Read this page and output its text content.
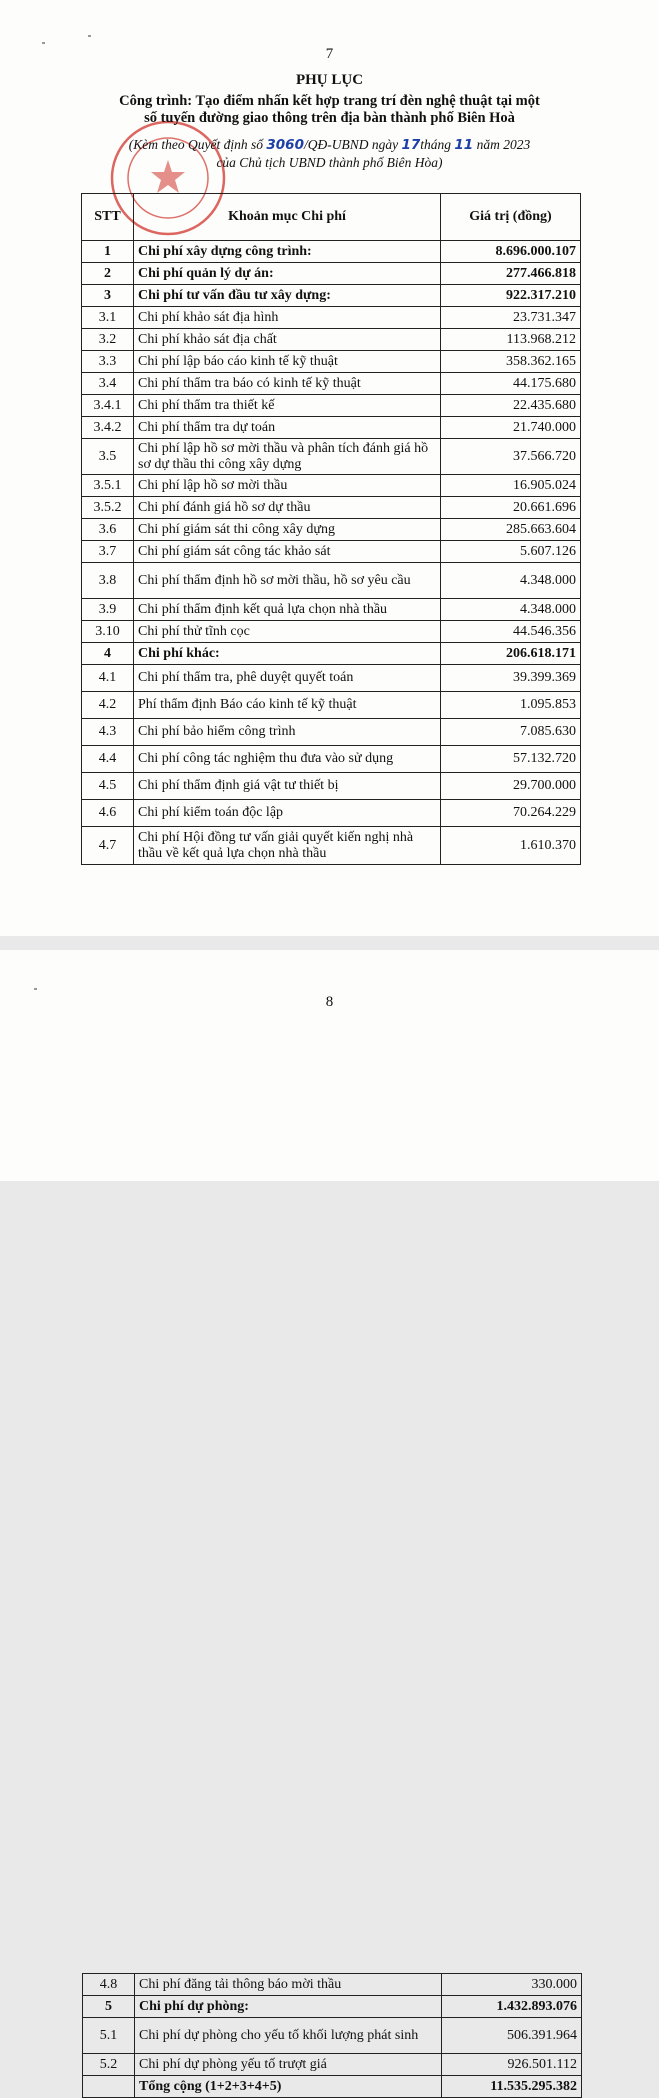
7
PHỤ LỤC
Công trình: Tạo điểm nhấn kết hợp trang trí đèn nghệ thuật tại một
số tuyến đường giao thông trên địa bàn thành phố Biên Hoà
(Kèm theo Quyết định số 3060/QĐ-UBND ngày 17tháng 11 năm 2023
của Chủ tịch UBND thành phố Biên Hòa)
STT	Khoản mục Chi phí	Giá trị (đồng)
1	Chi phí xây dựng công trình:	8.696.000.107
2	Chi phí quản lý dự án:	277.466.818
3	Chi phí tư vấn đầu tư xây dựng:	922.317.210
3.1	Chi phí khảo sát địa hình	23.731.347
3.2	Chi phí khảo sát địa chất	113.968.212
3.3	Chi phí lập báo cáo kinh tế kỹ thuật	358.362.165
3.4	Chi phí thẩm tra báo có kinh tế kỹ thuật	44.175.680
3.4.1	Chi phí thẩm tra thiết kế	22.435.680
3.4.2	Chi phí thẩm tra dự toán	21.740.000
3.5	Chi phí lập hồ sơ mời thầu và phân tích đánh giá hồ sơ dự thầu thi công xây dựng	37.566.720
3.5.1	Chi phí lập hồ sơ mời thầu	16.905.024
3.5.2	Chi phí đánh giá hồ sơ dự thầu	20.661.696
3.6	Chi phí giám sát thi công xây dựng	285.663.604
3.7	Chi phí giám sát công tác khảo sát	5.607.126
3.8	Chi phí thẩm định hồ sơ mời thầu, hồ sơ yêu cầu	4.348.000
3.9	Chi phí thẩm định kết quả lựa chọn nhà thầu	4.348.000
3.10	Chi phí thử tĩnh cọc	44.546.356
4	Chi phí khác:	206.618.171
4.1	Chi phí thẩm tra, phê duyệt quyết toán	39.399.369
4.2	Phí thẩm định Báo cáo kinh tế kỹ thuật	1.095.853
4.3	Chi phí bảo hiểm công trình	7.085.630
4.4	Chi phí công tác nghiệm thu đưa vào sử dụng	57.132.720
4.5	Chi phí thẩm định giá vật tư thiết bị	29.700.000
4.6	Chi phí kiểm toán độc lập	70.264.229
4.7	Chi phí Hội đồng tư vấn giải quyết kiến nghị nhà thầu về kết quả lựa chọn nhà thầu	1.610.370
8
4.8	Chi phí đăng tải thông báo mời thầu	330.000
5	Chi phí dự phòng:	1.432.893.076
5.1	Chi phí dự phòng cho yếu tố khối lượng phát sinh	506.391.964
5.2	Chi phí dự phòng yếu tố trượt giá	926.501.112
	Tổng cộng (1+2+3+4+5)	11.535.295.382
